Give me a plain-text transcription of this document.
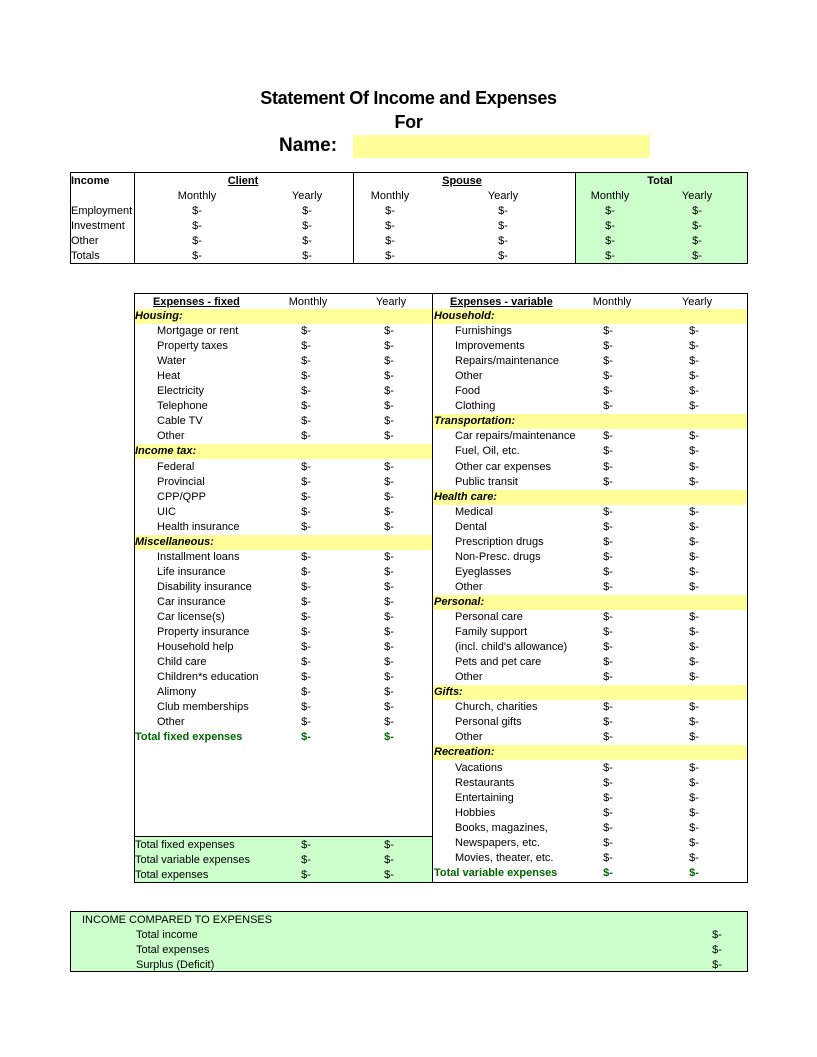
Statement Of Income and Expenses
For
Name:
Income	Client	Spouse	Total
Monthly	Yearly	Monthly	Yearly	Monthly	Yearly
Employment	$-	$-	$-	$-	$-	$-
Investment	$-	$-	$-	$-	$-	$-
Other	$-	$-	$-	$-	$-	$-
Totals	$-	$-	$-	$-	$-	$-
Expenses - fixed	Monthly	Yearly	Expenses - variable	Monthly	Yearly
Housing:
Mortgage or rent	$-	$-
Property taxes	$-	$-
Water	$-	$-
Heat	$-	$-
Electricity	$-	$-
Telephone	$-	$-
Cable TV	$-	$-
Other	$-	$-
Income tax:
Federal	$-	$-
Provincial	$-	$-
CPP/QPP	$-	$-
UIC	$-	$-
Health insurance	$-	$-
Miscellaneous:
Installment loans	$-	$-
Life insurance	$-	$-
Disability insurance	$-	$-
Car insurance	$-	$-
Car license(s)	$-	$-
Property insurance	$-	$-
Household help	$-	$-
Child care	$-	$-
Children*s education	$-	$-
Alimony	$-	$-
Club memberships	$-	$-
Other	$-	$-
Total fixed expenses	$-	$-
Household:
Furnishings	$-	$-
Improvements	$-	$-
Repairs/maintenance	$-	$-
Other	$-	$-
Food	$-	$-
Clothing	$-	$-
Transportation:
Car repairs/maintenance	$-	$-
Fuel, Oil, etc.	$-	$-
Other car expenses	$-	$-
Public transit	$-	$-
Health care:
Medical	$-	$-
Dental	$-	$-
Prescription drugs	$-	$-
Non-Presc. drugs	$-	$-
Eyeglasses	$-	$-
Other	$-	$-
Personal:
Personal care	$-	$-
Family support	$-	$-
(incl. child's allowance)	$-	$-
Pets and pet care	$-	$-
Other	$-	$-
Gifts:
Church, charities	$-	$-
Personal gifts	$-	$-
Other	$-	$-
Recreation:
Vacations	$-	$-
Restaurants	$-	$-
Entertaining	$-	$-
Hobbies	$-	$-
Books, magazines,	$-	$-
Newspapers, etc.	$-	$-
Movies, theater, etc.	$-	$-
Total variable expenses	$-	$-
Total fixed expenses	$-	$-
Total variable expenses	$-	$-
Total expenses	$-	$-
INCOME COMPARED TO EXPENSES
Total income	$-
Total expenses	$-
Surplus (Deficit)	$-
